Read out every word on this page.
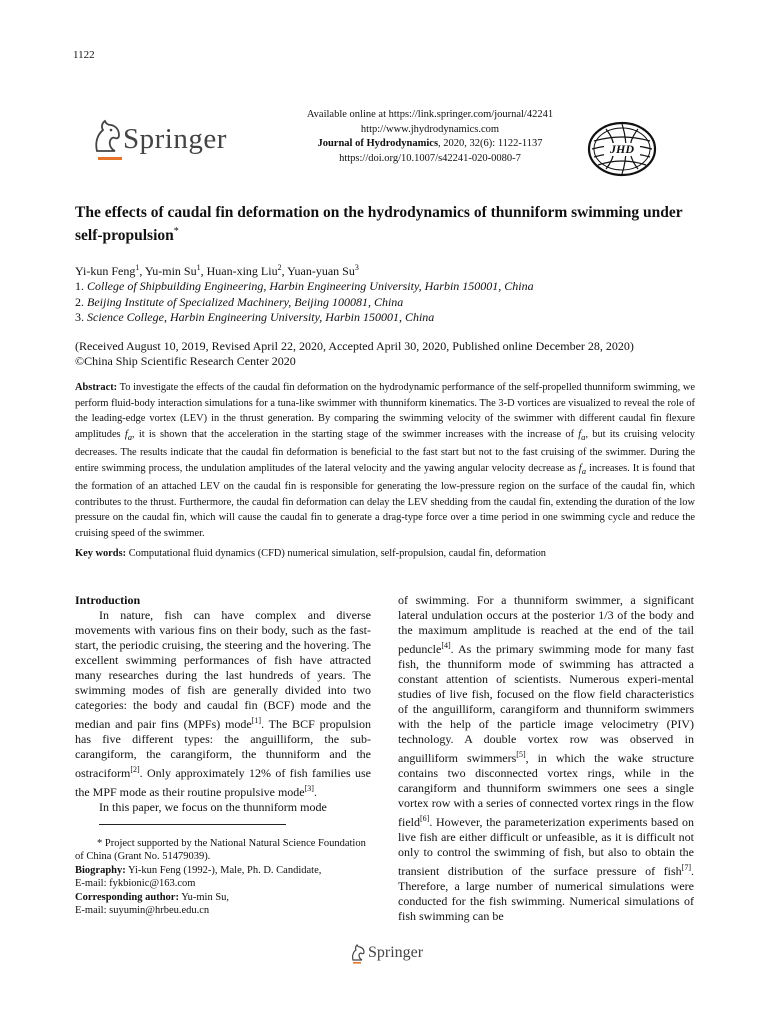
1122
Springer
Available online at https://link.springer.com/journal/42241
http://www.jhydrodynamics.com
Journal of Hydrodynamics, 2020, 32(6): 1122-1137
https://doi.org/10.1007/s42241-020-0080-7
JHD
The effects of caudal fin deformation on the hydrodynamics of thunniform swimming under self-propulsion*
Yi-kun Feng$^1$, Yu-min Su$^1$, Huan-xing Liu$^2$, Yuan-yuan Su$^3$
1. College of Shipbuilding Engineering, Harbin Engineering University, Harbin 150001, China
2. Beijing Institute of Specialized Machinery, Beijing 100081, China
3. Science College, Harbin Engineering University, Harbin 150001, China
(Received August 10, 2019, Revised April 22, 2020, Accepted April 30, 2020, Published online December 28, 2020)
©China Ship Scientific Research Center 2020
Abstract: To investigate the effects of the caudal fin deformation on the hydrodynamic performance of the self-propelled thunniform swimming, we perform fluid-body interaction simulations for a tuna-like swimmer with thunniform kinematics. The 3-D vortices are visualized to reveal the role of the leading-edge vortex (LEV) in the thrust generation. By comparing the swimming velocity of the swimmer with different caudal fin flexure amplitudes $f_a$, it is shown that the acceleration in the starting stage of the swimmer increases with the increase of $f_a$, but its cruising velocity decreases. The results indicate that the caudal fin deformation is beneficial to the fast start but not to the fast cruising of the swimmer. During the entire swimming process, the undulation amplitudes of the lateral velocity and the yawing angular velocity decrease as $f_a$ increases. It is found that the formation of an attached LEV on the caudal fin is responsible for generating the low-pressure region on the surface of the caudal fin, which contributes to the thrust. Furthermore, the caudal fin deformation can delay the LEV shedding from the caudal fin, extending the duration of the low pressure on the caudal fin, which will cause the caudal fin to generate a drag-type force over a time period in one swimming cycle and reduce the cruising speed of the swimmer.
Key words: Computational fluid dynamics (CFD) numerical simulation, self-propulsion, caudal fin, deformation

Introduction

In nature, fish can have complex and diverse movements with various fins on their body, such as the fast-start, the periodic cruising, the steering and the hovering. The excellent swimming performances of fish have attracted many researches during the last hundreds of years. The swimming modes of fish are generally divided into two categories: the body and caudal fin (BCF) mode and the median and pair fins (MPFs) mode[1]. The BCF propulsion has five different types: the anguilliform, the sub-carangiform, the carangiform, the thunniform and the ostraciform[2]. Only approximately 12% of fish families use the MPF mode as their routine propulsive mode[3].

In this paper, we focus on the thunniform mode

of swimming. For a thunniform swimmer, a significant lateral undulation occurs at the posterior 1/3 of the body and the maximum amplitude is reached at the end of the tail peduncle[4]. As the primary swimming mode for many fast fish, the thunniform mode of swimming has attracted a constant attention of scientists. Numerous experi-mental studies of live fish, focused on the flow field characteristics of the anguilliform, carangiform and thunniform swimmers with the help of the particle image velocimetry (PIV) technology. A double vortex row was observed in anguilliform swimmers[5], in which the wake structure contains two disconnected vortex rings, while in the carangiform and thunniform swimmers one sees a single vortex row with a series of connected vortex rings in the flow field[6]. However, the parameterization experiments based on live fish are either difficult or unfeasible, as it is difficult not only to control the swimming of fish, but also to obtain the transient distribution of the surface pressure of fish[7]. Therefore, a large number of numerical simulations were conducted for the fish swimming. Numerical simulations of fish swimming can be

* Project supported by the National Natural Science Foundation of China (Grant No. 51479039).

Biography: Yi-kun Feng (1992-), Male, Ph. D. Candidate,

E-mail: fykbionic@163.com

Corresponding author: Yu-min Su,

E-mail: suyumin@hrbeu.edu.cn

Springer
